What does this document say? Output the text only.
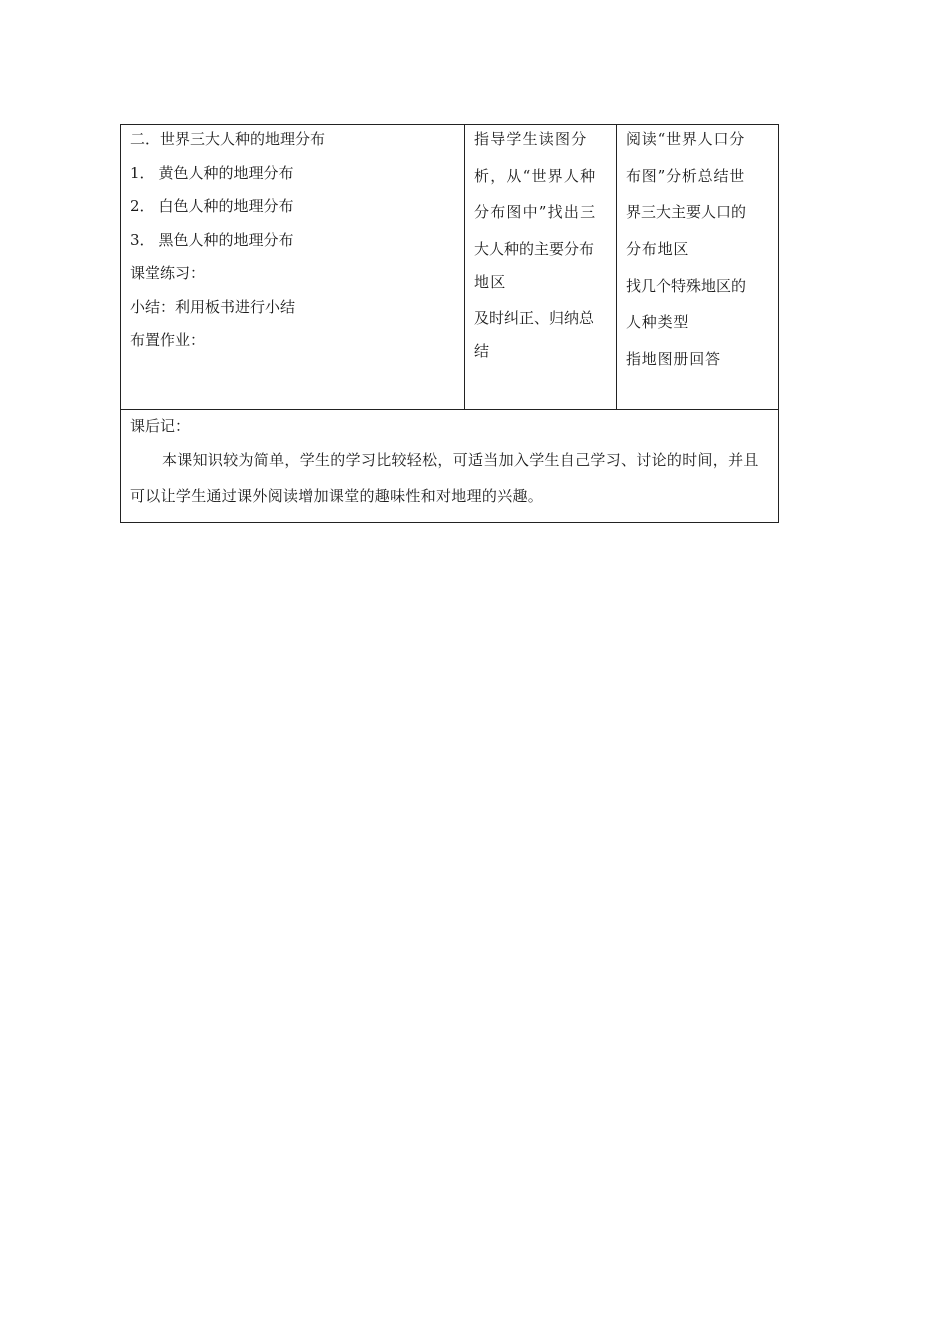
二．世界三大人种的地理分布
1． 黄色人种的地理分布
2． 白色人种的地理分布
3． 黑色人种的地理分布
课堂练习：
小结：利用板书进行小结
布置作业：

指导学生读图分
析，从“世界人种
分布图中”找出三
大人种的主要分布
地区
及时纠正、归纳总
结

阅读“世界人口分
布图”分析总结世
界三大主要人口的
分布地区
找几个特殊地区的
人种类型
指地图册回答

课后记：

本课知识较为简单，学生的学习比较轻松，可适当加入学生自己学习、讨论的时间，并且可以让学生通过课外阅读增加课堂的趣味性和对地理的兴趣。
